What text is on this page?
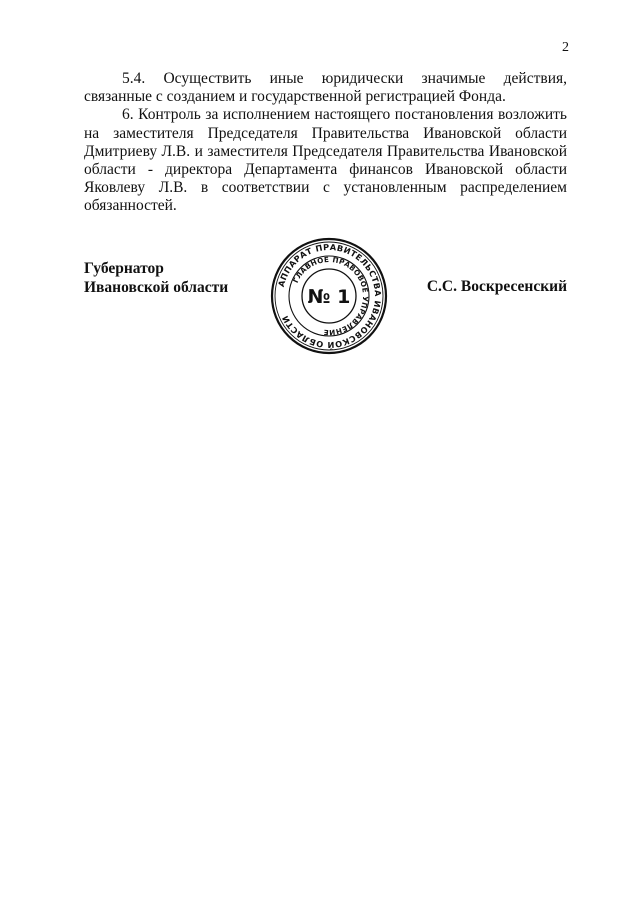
2

5.4. Осуществить иные юридически значимые действия, связанные с созданием и государственной регистрацией Фонда.

6. Контроль за исполнением настоящего постановления возложить на заместителя Председателя Правительства Ивановской области Дмитриеву Л.В. и заместителя Председателя Правительства Ивановской области - директора Департамента финансов Ивановской области Яковлеву Л.В. в соответствии с установленным распределением обязанностей.

Губернатор
Ивановской области	АППАРАТ ПРАВИТЕЛЬСТВА ИВАНОВСКОЙ ОБЛАСТИ
ГЛАВНОЕ ПРАВОВОЕ УПРАВЛЕНИЕ
№ 1	С.С. Воскресенский
